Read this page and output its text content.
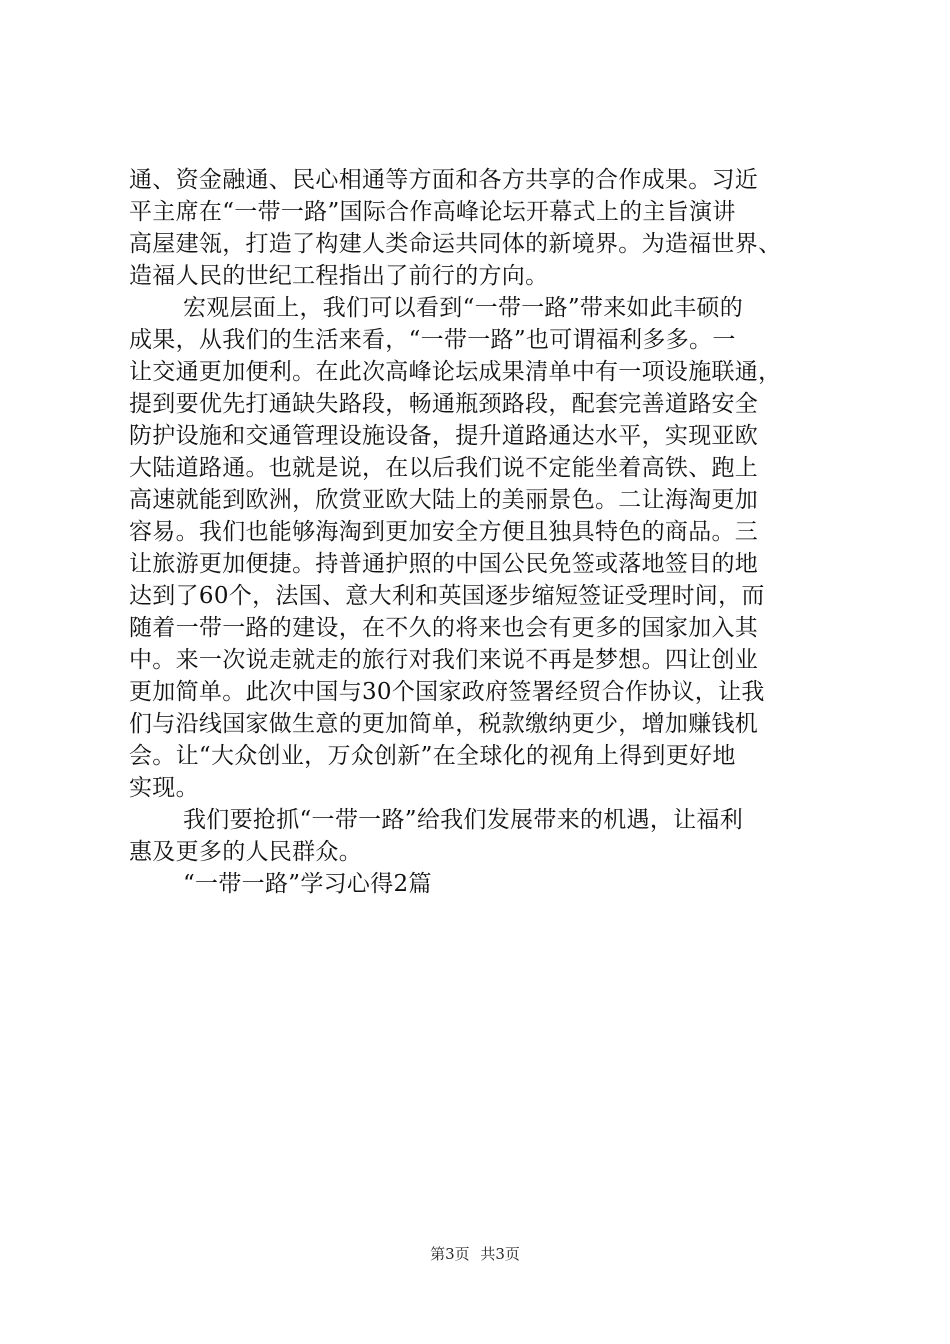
通、资金融通、民心相通等方面和各方共享的合作成果。习近
平主席在“一带一路”国际合作高峰论坛开幕式上的主旨演讲
高屋建瓴，打造了构建人类命运共同体的新境界。为造福世界、
造福人民的世纪工程指出了前行的方向。
宏观层面上，我们可以看到“一带一路”带来如此丰硕的
成果，从我们的生活来看，“一带一路”也可谓福利多多。一
让交通更加便利。在此次高峰论坛成果清单中有一项设施联通，
提到要优先打通缺失路段，畅通瓶颈路段，配套完善道路安全
防护设施和交通管理设施设备，提升道路通达水平，实现亚欧
大陆道路通。也就是说，在以后我们说不定能坐着高铁、跑上
高速就能到欧洲，欣赏亚欧大陆上的美丽景色。二让海淘更加
容易。我们也能够海淘到更加安全方便且独具特色的商品。三
让旅游更加便捷。持普通护照的中国公民免签或落地签目的地
达到了60个，法国、意大利和英国逐步缩短签证受理时间，而
随着一带一路的建设，在不久的将来也会有更多的国家加入其
中。来一次说走就走的旅行对我们来说不再是梦想。四让创业
更加简单。此次中国与30个国家政府签署经贸合作协议，让我
们与沿线国家做生意的更加简单，税款缴纳更少，增加赚钱机
会。让“大众创业，万众创新”在全球化的视角上得到更好地
实现。
我们要抢抓“一带一路”给我们发展带来的机遇，让福利
惠及更多的人民群众。
“一带一路”学习心得2篇
第3页 共3页
